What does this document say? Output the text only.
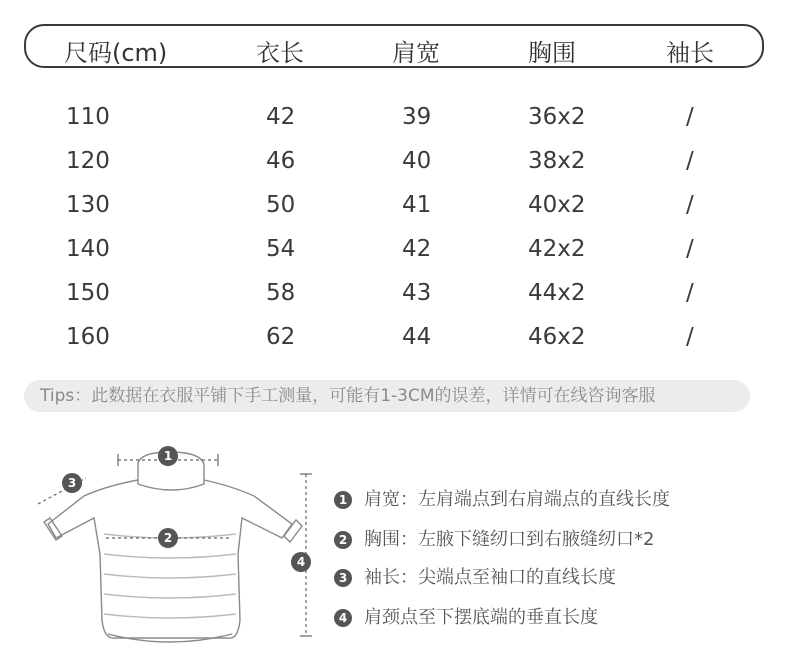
尺码(cm)	衣长	肩宽	胸围	袖长
110	42	39	36x2	/
120	46	40	38x2	/
130	50	41	40x2	/
140	54	42	42x2	/
150	58	43	44x2	/
160	62	44	46x2	/
Tips：此数据在衣服平铺下手工测量，可能有1-3CM的误差，详情可在线咨询客服
1
2
3
4
1 肩宽：左肩端点到右肩端点的直线长度
2 胸围：左腋下缝纫口到右腋缝纫口*2
3 袖长：尖端点至袖口的直线长度
4 肩颈点至下摆底端的垂直长度
